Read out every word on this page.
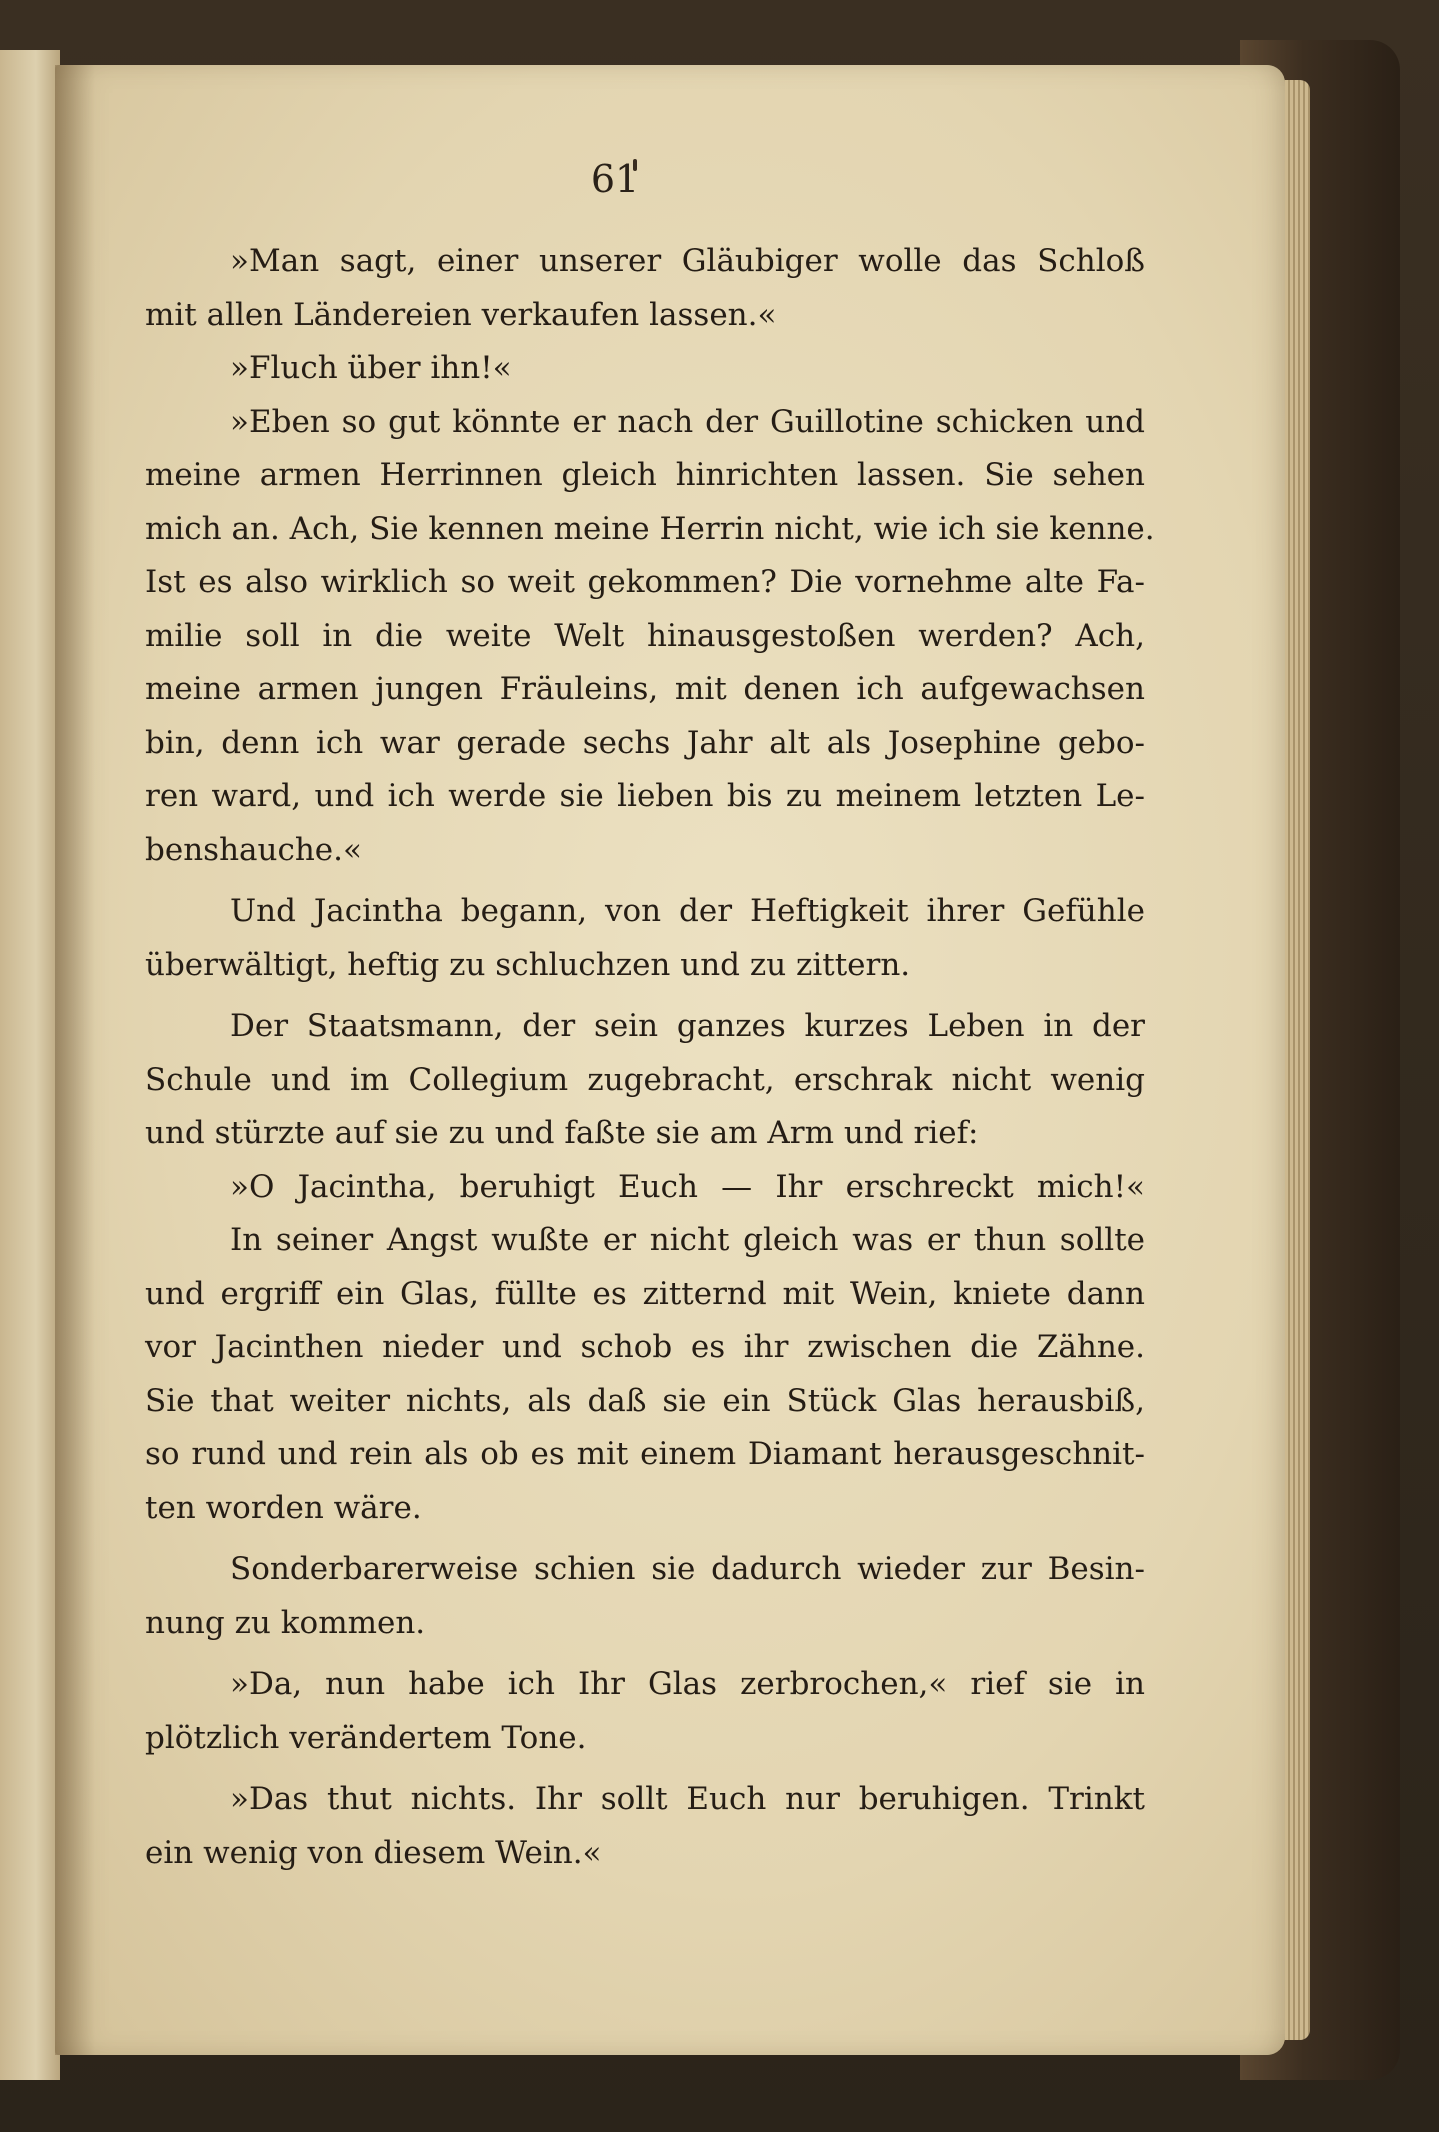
61
»Man sagt, einer unserer Gläubiger wolle das Schloß
mit allen Ländereien verkaufen lassen.«
»Fluch über ihn!«
»Eben so gut könnte er nach der Guillotine schicken und
meine armen Herrinnen gleich hinrichten lassen. Sie sehen
mich an. Ach, Sie kennen meine Herrin nicht, wie ich sie kenne.
Ist es also wirklich so weit gekommen? Die vornehme alte Fa-
milie soll in die weite Welt hinausgestoßen werden? Ach,
meine armen jungen Fräuleins, mit denen ich aufgewachsen
bin, denn ich war gerade sechs Jahr alt als Josephine gebo-
ren ward, und ich werde sie lieben bis zu meinem letzten Le-
benshauche.«
Und Jacintha begann, von der Heftigkeit ihrer Gefühle
überwältigt, heftig zu schluchzen und zu zittern.
Der Staatsmann, der sein ganzes kurzes Leben in der
Schule und im Collegium zugebracht, erschrak nicht wenig
und stürzte auf sie zu und faßte sie am Arm und rief:
»O Jacintha, beruhigt Euch — Ihr erschreckt mich!«
In seiner Angst wußte er nicht gleich was er thun sollte
und ergriff ein Glas, füllte es zitternd mit Wein, kniete dann
vor Jacinthen nieder und schob es ihr zwischen die Zähne.
Sie that weiter nichts, als daß sie ein Stück Glas herausbiß,
so rund und rein als ob es mit einem Diamant herausgeschnit-
ten worden wäre.
Sonderbarerweise schien sie dadurch wieder zur Besin-
nung zu kommen.
»Da, nun habe ich Ihr Glas zerbrochen,« rief sie in
plötzlich verändertem Tone.
»Das thut nichts. Ihr sollt Euch nur beruhigen. Trinkt
ein wenig von diesem Wein.«
